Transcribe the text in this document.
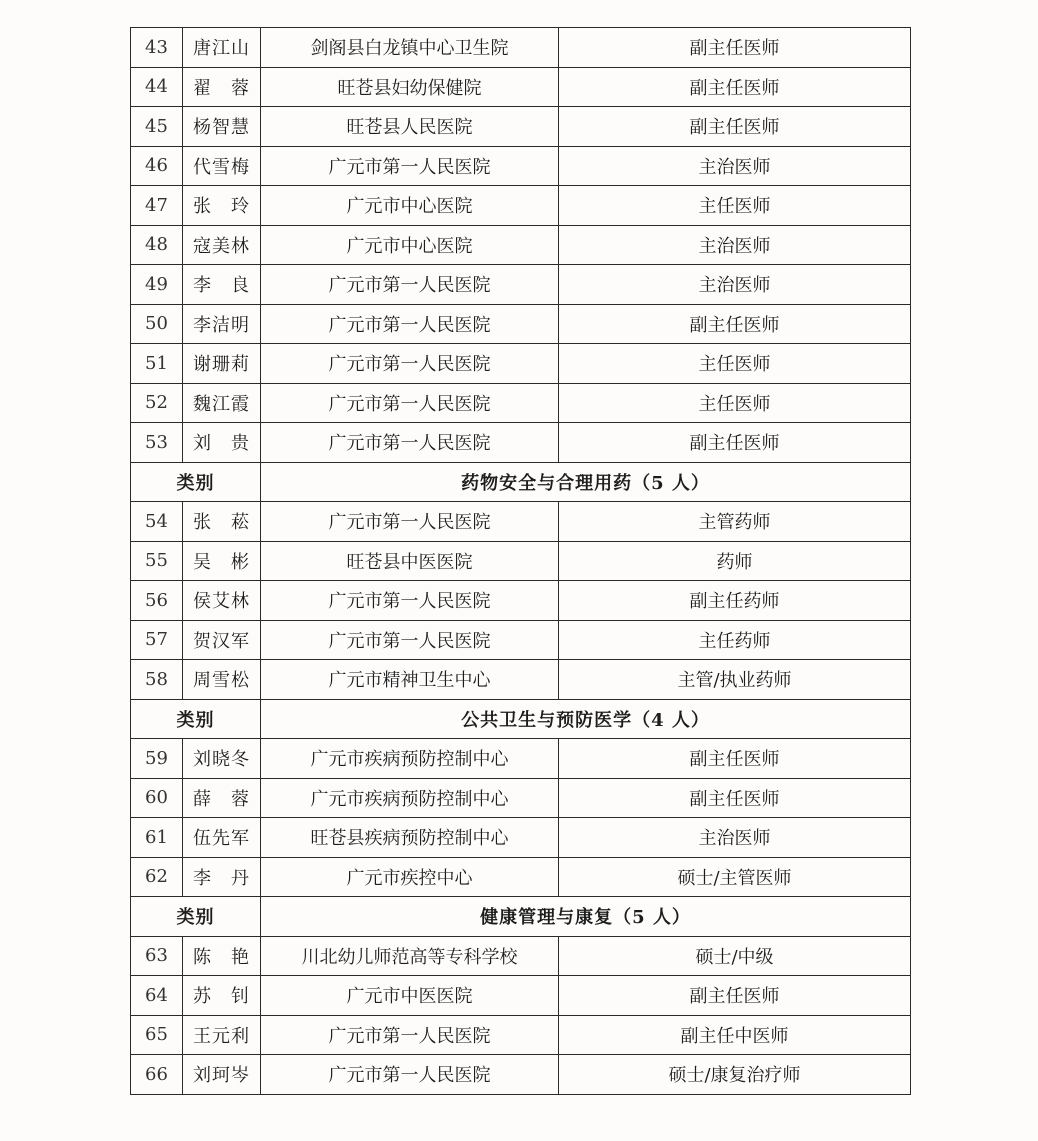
43	唐江山	剑阁县白龙镇中心卫生院	副主任医师
44	翟　蓉	旺苍县妇幼保健院	副主任医师
45	杨智慧	旺苍县人民医院	副主任医师
46	代雪梅	广元市第一人民医院	主治医师
47	张　玲	广元市中心医院	主任医师
48	寇美林	广元市中心医院	主治医师
49	李　良	广元市第一人民医院	主治医师
50	李洁明	广元市第一人民医院	副主任医师
51	谢珊莉	广元市第一人民医院	主任医师
52	魏江霞	广元市第一人民医院	主任医师
53	刘　贵	广元市第一人民医院	副主任医师
类别		药物安全与合理用药（5 人）	
54	张　菘	广元市第一人民医院	主管药师
55	吴　彬	旺苍县中医医院	药师
56	侯艾林	广元市第一人民医院	副主任药师
57	贺汉军	广元市第一人民医院	主任药师
58	周雪松	广元市精神卫生中心	主管/执业药师
类别		公共卫生与预防医学（4 人）	
59	刘晓冬	广元市疾病预防控制中心	副主任医师
60	薛　蓉	广元市疾病预防控制中心	副主任医师
61	伍先军	旺苍县疾病预防控制中心	主治医师
62	李　丹	广元市疾控中心	硕士/主管医师
类别		健康管理与康复（5 人）	
63	陈　艳	川北幼儿师范高等专科学校	硕士/中级
64	苏　钊	广元市中医医院	副主任医师
65	王元利	广元市第一人民医院	副主任中医师
66	刘珂岑	广元市第一人民医院	硕士/康复治疗师
